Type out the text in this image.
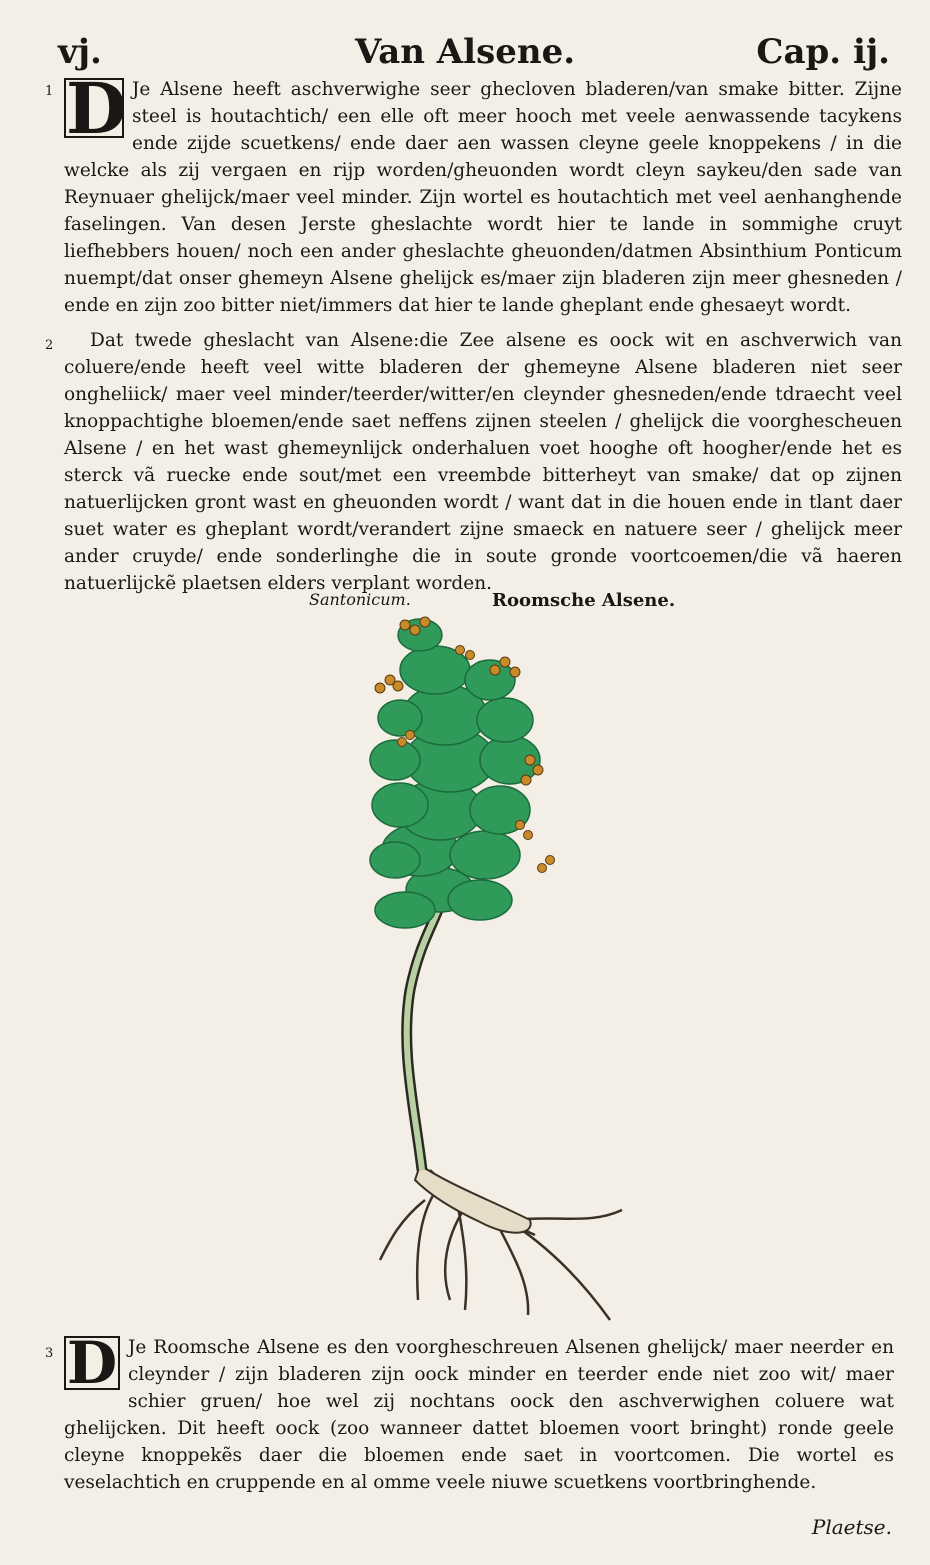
vj.	Van Alsene.	Cap. ij.
1 D Je Alsene heeft aschverwighe seer ghecloven bladeren/van smake bitter. Zijne steel is houtachtich/ een elle oft meer hooch met veele aenwassende tacykens ende zijde scuetkens/ ende daer aen wassen cleyne geele knoppekens / in die welcke als zij vergaen en rijp worden/gheuonden wordt cleyn saykeu/den sade van Reynuaer ghelijck/maer veel minder. Zijn wortel es houtachtich met veel aenhanghende faselingen. Van desen Jerste gheslachte wordt hier te lande in sommighe cruyt liefhebbers houen/ noch een ander gheslachte gheuonden/datmen Absinthium Ponticum nuempt/dat onser ghemeyn Alsene ghelijck es/maer zijn bladeren zijn meer ghesneden / ende en zijn zoo bitter niet/immers dat hier te lande gheplant ende ghesaeyt wordt.
2	Dat twede gheslacht van Alsene:die Zee alsene es oock wit en aschverwich van coluere/ende heeft veel witte bladeren der ghemeyne Alsene bladeren niet seer ongheliick/ maer veel minder/teerder/witter/en cleynder ghesneden/ende tdraecht veel knoppachtighe bloemen/ende saet neffens zijnen steelen / ghelijck die voorghescheuen Alsene / en het wast ghemeynlijck onderhaluen voet hooghe oft hoogher/ende het es sterck vã ruecke ende sout/met een vreembde bitterheyt van smake/ dat op zijnen natuerlijcken gront wast en gheuonden wordt / want dat in die houen ende in tlant daer suet water es gheplant wordt/verandert zijne smaeck en natuere seer / ghelijck meer ander cruyde/ ende sonderlinghe die in soute gronde voortcoemen/die vã haeren natuerlijckẽ plaetsen elders verplant worden.
Santonicum.	Roomsche Alsene.
3 D Je Roomsche Alsene es den voorgheschreuen Alsenen ghelijck/ maer neerder en cleynder / zijn bladeren zijn oock minder en teerder ende niet zoo wit/ maer schier gruen/ hoe wel zij nochtans oock den aschverwighen coluere wat ghelijcken. Dit heeft oock (zoo wanneer dattet bloemen voort bringht) ronde geele cleyne knoppekẽs daer die bloemen ende saet in voortcomen. Die wortel es veselachtich en cruppende en al omme veele niuwe scuetkens voortbringhende.
Plaetse.
